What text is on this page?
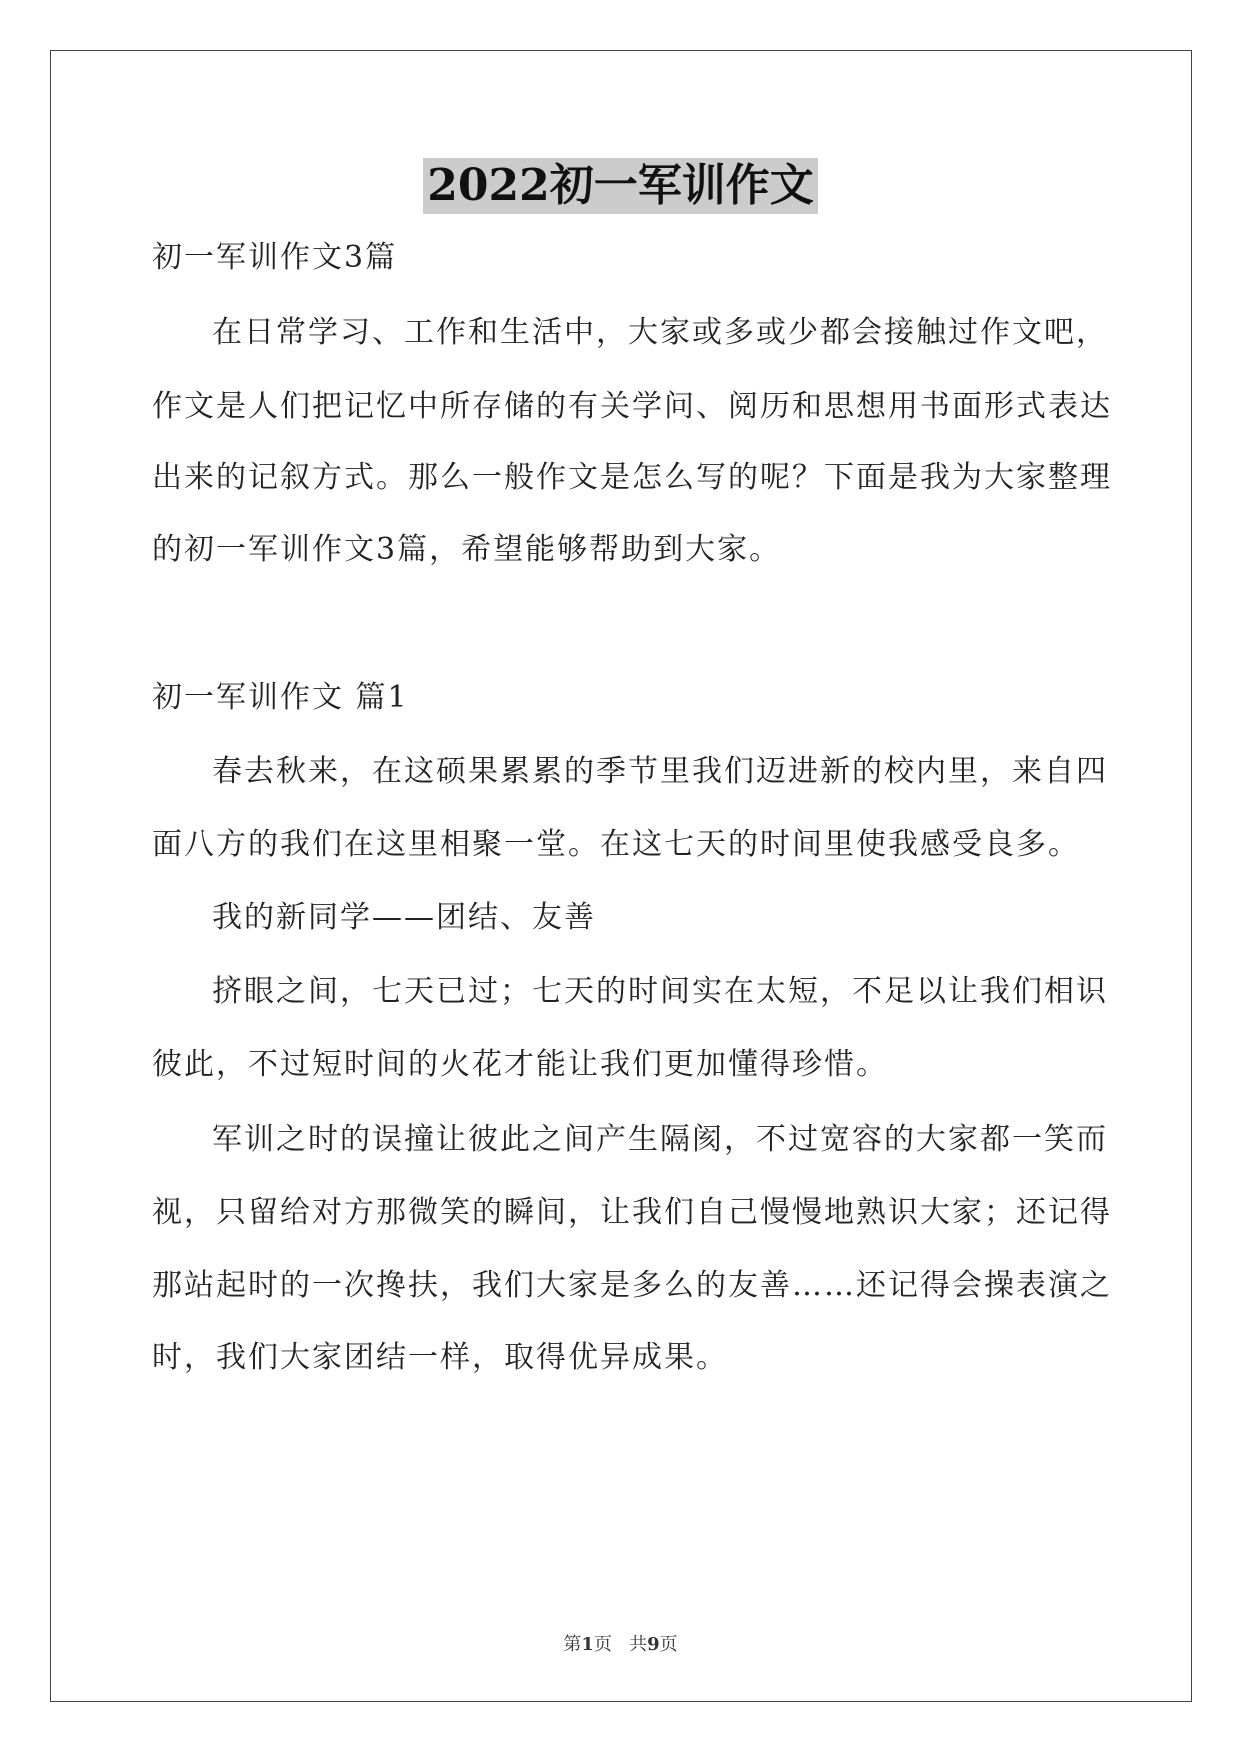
2022初一军训作文
初一军训作文3篇
在日常学习、工作和生活中，大家或多或少都会接触过作文吧，
作文是人们把记忆中所存储的有关学问、阅历和思想用书面形式表达
出来的记叙方式。那么一般作文是怎么写的呢？下面是我为大家整理
的初一军训作文3篇，希望能够帮助到大家。
初一军训作文 篇1
春去秋来，在这硕果累累的季节里我们迈进新的校内里，来自四
面八方的我们在这里相聚一堂。在这七天的时间里使我感受良多。
我的新同学——团结、友善
挤眼之间，七天已过；七天的时间实在太短，不足以让我们相识
彼此，不过短时间的火花才能让我们更加懂得珍惜。
军训之时的误撞让彼此之间产生隔阂，不过宽容的大家都一笑而
视，只留给对方那微笑的瞬间，让我们自己慢慢地熟识大家；还记得
那站起时的一次搀扶，我们大家是多么的友善……还记得会操表演之
时，我们大家团结一样，取得优异成果。
第1页   共9页
